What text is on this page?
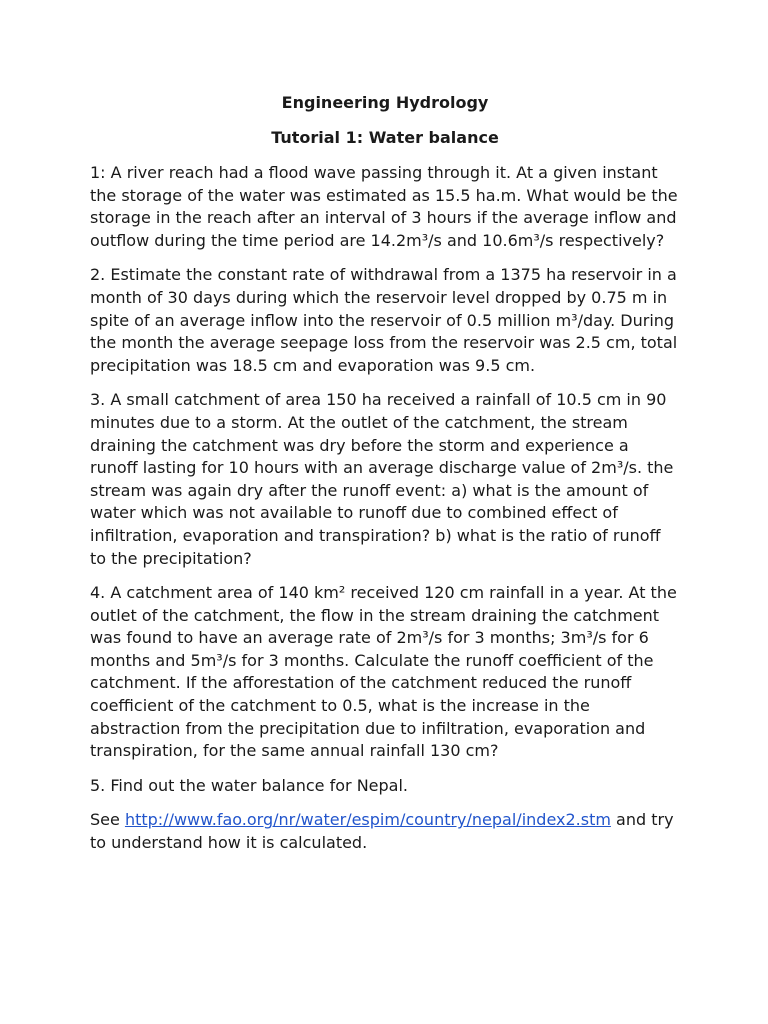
Engineering Hydrology
Tutorial 1: Water balance

1: A river reach had a flood wave passing through it. At a given instant the storage of the water was estimated as 15.5 ha.m. What would be the storage in the reach after an interval of 3 hours if the average inflow and outflow during the time period are 14.2m³/s and 10.6m³/s respectively?

2. Estimate the constant rate of withdrawal from a 1375 ha reservoir in a month of 30 days during which the reservoir level dropped by 0.75 m in spite of an average inflow into the reservoir of 0.5 million m³/day. During the month the average seepage loss from the reservoir was 2.5 cm, total precipitation was 18.5 cm and evaporation was 9.5 cm.

3. A small catchment of area 150 ha received a rainfall of 10.5 cm in 90 minutes due to a storm. At the outlet of the catchment, the stream draining the catchment was dry before the storm and experience a runoff lasting for 10 hours with an average discharge value of 2m³/s. the stream was again dry after the runoff event: a) what is the amount of water which was not available to runoff due to combined effect of infiltration, evaporation and transpiration? b) what is the ratio of runoff to the precipitation?

4. A catchment area of 140 km² received 120 cm rainfall in a year. At the outlet of the catchment, the flow in the stream draining the catchment was found to have an average rate of 2m³/s for 3 months; 3m³/s for 6 months and 5m³/s for 3 months. Calculate the runoff coefficient of the catchment. If the afforestation of the catchment reduced the runoff coefficient of the catchment to 0.5, what is the increase in the abstraction from the precipitation due to infiltration, evaporation and transpiration, for the same annual rainfall 130 cm?

5. Find out the water balance for Nepal.

See http://www.fao.org/nr/water/espim/country/nepal/index2.stm and try to understand how it is calculated.
